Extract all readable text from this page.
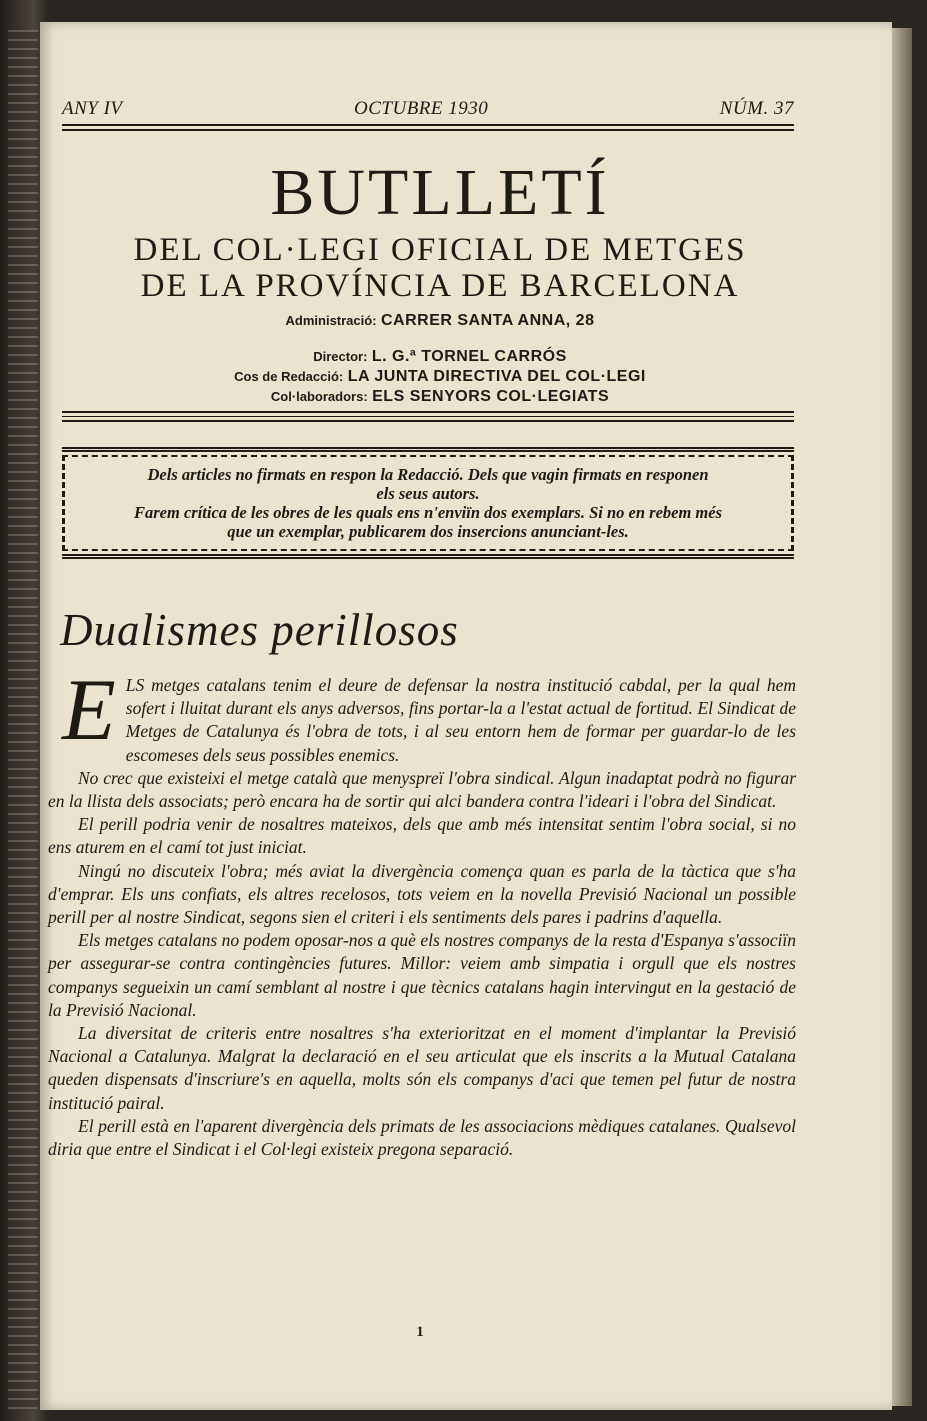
ANY IV	OCTUBRE 1930	NÚM. 37
BUTLLETÍ
DEL COL·LEGI OFICIAL DE METGES
DE LA PROVÍNCIA DE BARCELONA
Administració: CARRER SANTA ANNA, 28
Director: L. G.ª TORNEL CARRÓS
Cos de Redacció: LA JUNTA DIRECTIVA DEL COL·LEGI
Col·laboradors: ELS SENYORS COL·LEGIATS
Dels articles no firmats en respon la Redacció. Dels que vagin firmats en responen
els seus autors.
Farem crítica de les obres de les quals ens n'enviïn dos exemplars. Si no en rebem més
que un exemplar, publicarem dos insercions anunciant-les.
Dualismes perillosos

ELS metges catalans tenim el deure de defensar la nostra institució cabdal, per la qual hem sofert i lluitat durant els anys adversos, fins portar-la a l'estat actual de fortitud. El Sindicat de Metges de Catalunya és l'obra de tots, i al seu entorn hem de formar per guardar-lo de les escomeses dels seus possibles enemics.

No crec que existeixi el metge català que menyspreï l'obra sindical. Algun inadaptat podrà no figurar en la llista dels associats; però encara ha de sortir qui alci bandera contra l'ideari i l'obra del Sindicat.

El perill podria venir de nosaltres mateixos, dels que amb més intensitat sentim l'obra social, si no ens aturem en el camí tot just iniciat.

Ningú no discuteix l'obra; més aviat la divergència comença quan es parla de la tàctica que s'ha d'emprar. Els uns confiats, els altres recelosos, tots veiem en la novella Previsió Nacional un possible perill per al nostre Sindicat, segons sien el criteri i els sentiments dels pares i padrins d'aquella.

Els metges catalans no podem oposar-nos a què els nostres companys de la resta d'Espanya s'associïn per assegurar-se contra contingències futures. Millor: veiem amb simpatia i orgull que els nostres companys segueixin un camí semblant al nostre i que tècnics catalans hagin intervingut en la gestació de la Previsió Nacional.

La diversitat de criteris entre nosaltres s'ha exterioritzat en el moment d'implantar la Previsió Nacional a Catalunya. Malgrat la declaració en el seu articulat que els inscrits a la Mutual Catalana queden dispensats d'inscriure's en aquella, molts són els companys d'aci que temen pel futur de nostra institució pairal.

El perill està en l'aparent divergència dels primats de les associacions mèdiques catalanes. Qualsevol diria que entre el Sindicat i el Col·legi existeix pregona separació.

1
